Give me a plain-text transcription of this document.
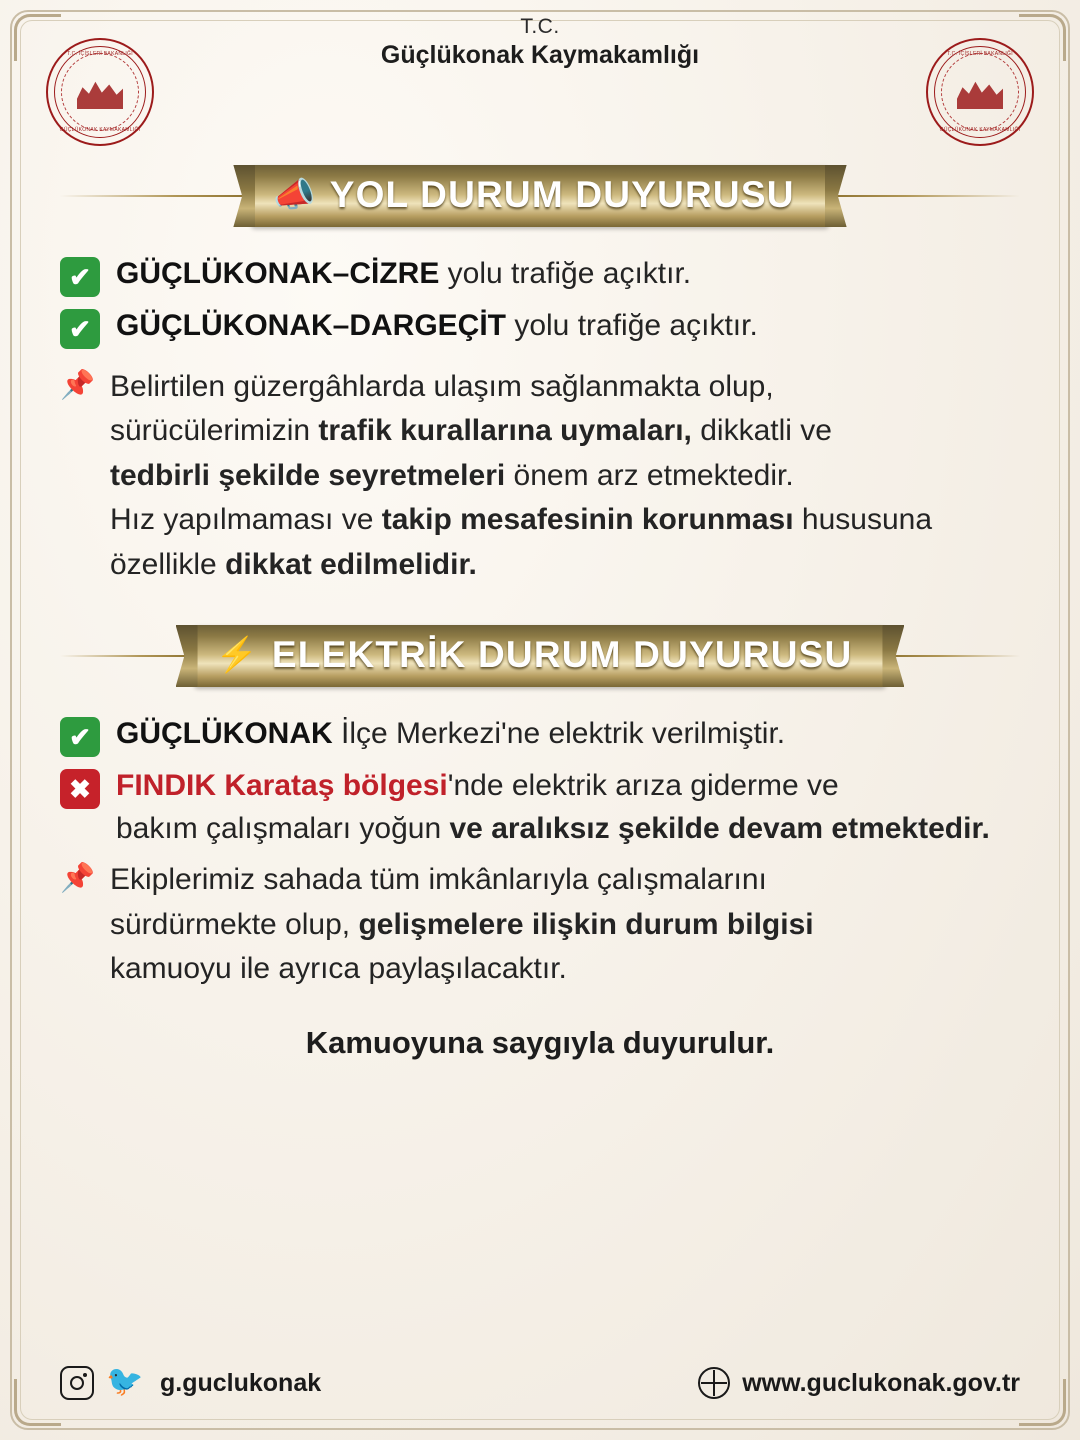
T.C. İÇİŞLERİ BAKANLIĞI
GÜÇLÜKONAK KAYMAKAMLIĞI
T.C. İÇİŞLERİ BAKANLIĞI
GÜÇLÜKONAK KAYMAKAMLIĞI
T.C.
Güçlükonak Kaymakamlığı
📣 YOL DURUM DUYURUSU
✔ GÜÇLÜKONAK–CİZRE yolu trafiğe açıktır.
✔ GÜÇLÜKONAK–DARGEÇİT yolu trafiğe açıktır.
📌 Belirtilen güzergâhlarda ulaşım sağlanmakta olup,
sürücülerimizin trafik kurallarına uymaları, dikkatli ve
tedbirli şekilde seyretmeleri önem arz etmektedir.
Hız yapılmaması ve takip mesafesinin korunması hususuna
özellikle dikkat edilmelidir.
⚡ ELEKTRİK DURUM DUYURUSU
✔ GÜÇLÜKONAK İlçe Merkezi'ne elektrik verilmiştir.
✖ FINDIK Karataş bölgesi'nde elektrik arıza giderme ve
bakım çalışmaları yoğun ve aralıksız şekilde devam etmektedir.
📌 Ekiplerimiz sahada tüm imkânlarıyla çalışmalarını
sürdürmekte olup, gelişmelere ilişkin durum bilgisi
kamuoyu ile ayrıca paylaşılacaktır.
Kamuoyuna saygıyla duyurulur.
🐦 g.guclukonak	www.guclukonak.gov.tr
